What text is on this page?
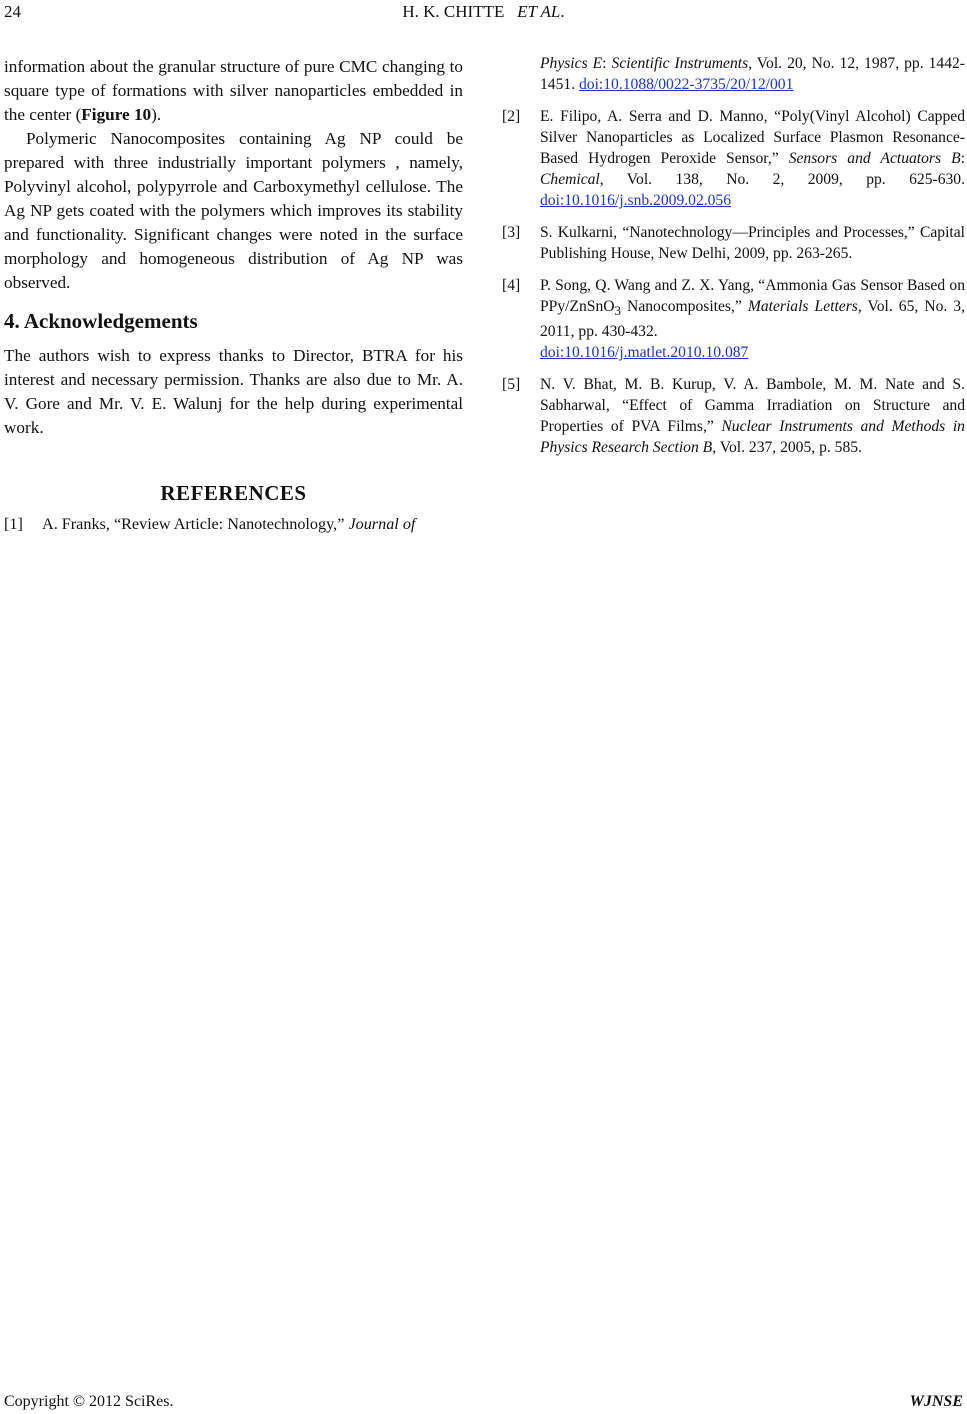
24	H. K. CHITTE ET AL.

information about the granular structure of pure CMC changing to square type of formations with silver nanoparticles embedded in the center (Figure 10).

Polymeric Nanocomposites containing Ag NP could be prepared with three industrially important polymers , namely, Polyvinyl alcohol, polypyrrole and Carboxymethyl cellulose. The Ag NP gets coated with the polymers which improves its stability and functionality. Significant changes were noted in the surface morphology and homogeneous distribution of Ag NP was observed.

4. Acknowledgements

The authors wish to express thanks to Director, BTRA for his interest and necessary permission. Thanks are also due to Mr. A. V. Gore and Mr. V. E. Walunj for the help during experimental work.

REFERENCES
[1]	A. Franks, “Review Article: Nanotechnology,” Journal of
Physics E: Scientific Instruments, Vol. 20, No. 12, 1987, pp. 1442-1451. doi:10.1088/0022-3735/20/12/001
[2]	E. Filipo, A. Serra and D. Manno, “Poly(Vinyl Alcohol) Capped Silver Nanoparticles as Localized Surface Plasmon Resonance-Based Hydrogen Peroxide Sensor,” Sensors and Actuators B: Chemical, Vol. 138, No. 2, 2009, pp. 625-630. doi:10.1016/j.snb.2009.02.056
[3]	S. Kulkarni, “Nanotechnology—Principles and Processes,” Capital Publishing House, New Delhi, 2009, pp. 263-265.
[4]	P. Song, Q. Wang and Z. X. Yang, “Ammonia Gas Sensor Based on PPy/ZnSnO$_3$ Nanocomposites,” Materials Letters, Vol. 65, No. 3, 2011, pp. 430-432.
doi:10.1016/j.matlet.2010.10.087
[5]	N. V. Bhat, M. B. Kurup, V. A. Bambole, M. M. Nate and S. Sabharwal, “Effect of Gamma Irradiation on Structure and Properties of PVA Films,” Nuclear Instruments and Methods in Physics Research Section B, Vol. 237, 2005, p. 585.
Copyright © 2012 SciRes.	WJNSE
